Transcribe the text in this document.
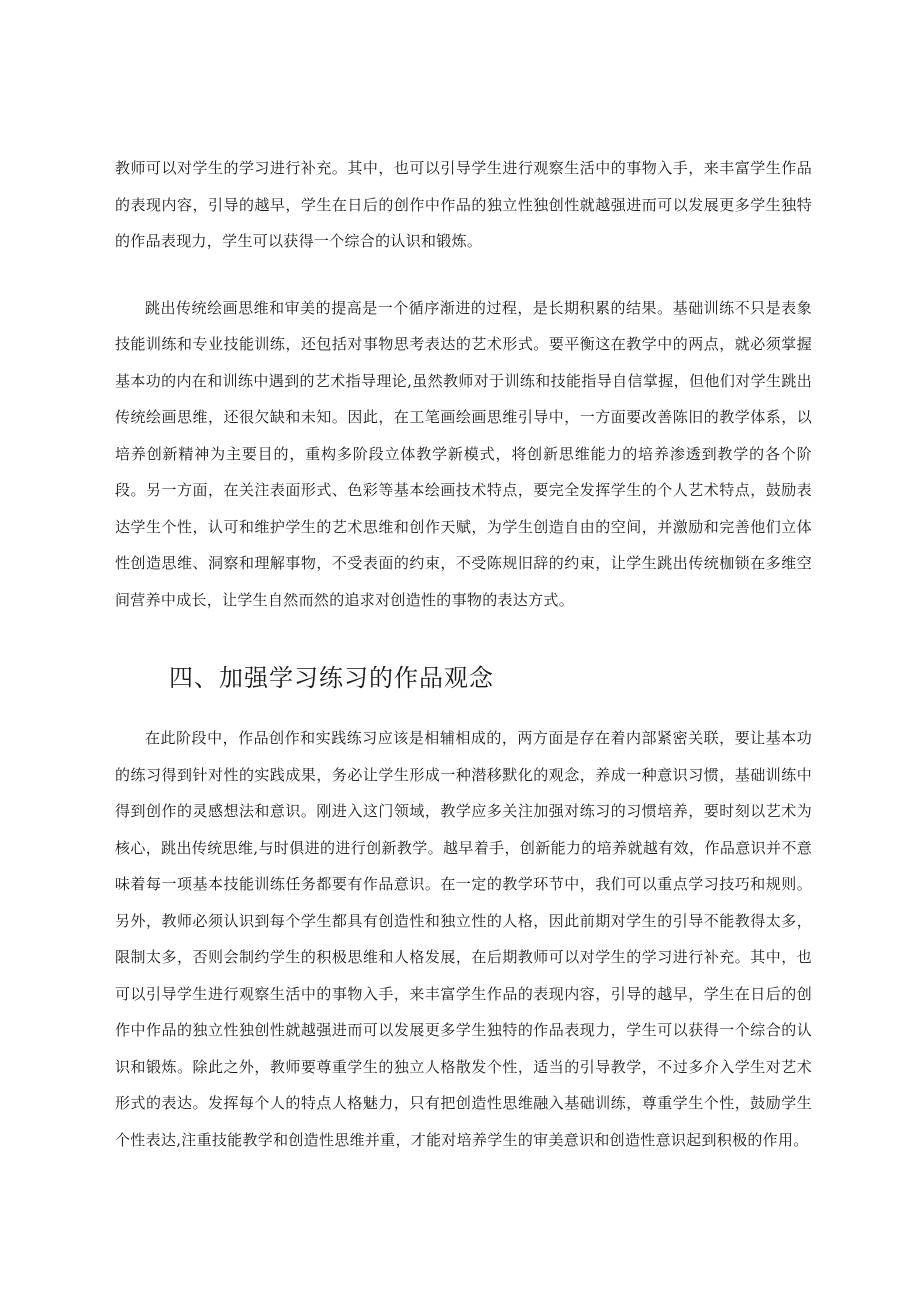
教师可以对学生的学习进行补充。其中，也可以引导学生进行观察生活中的事物入手，来丰富学生作品的表现内容，引导的越早，学生在日后的创作中作品的独立性独创性就越强进而可以发展更多学生独特的作品表现力，学生可以获得一个综合的认识和锻炼。

跳出传统绘画思维和审美的提高是一个循序渐进的过程，是长期积累的结果。基础训练不只是表象技能训练和专业技能训练，还包括对事物思考表达的艺术形式。要平衡这在教学中的两点，就必须掌握基本功的内在和训练中遇到的艺术指导理论,虽然教师对于训练和技能指导自信掌握，但他们对学生跳出传统绘画思维，还很欠缺和未知。因此，在工笔画绘画思维引导中，一方面要改善陈旧的教学体系，以培养创新精神为主要目的，重构多阶段立体教学新模式，将创新思维能力的培养渗透到教学的各个阶段。另一方面，在关注表面形式、色彩等基本绘画技术特点，要完全发挥学生的个人艺术特点，鼓励表达学生个性，认可和维护学生的艺术思维和创作天赋，为学生创造自由的空间，并激励和完善他们立体性创造思维、洞察和理解事物，不受表面的约束，不受陈规旧辞的约束，让学生跳出传统枷锁在多维空间营养中成长，让学生自然而然的追求对创造性的事物的表达方式。

四、加强学习练习的作品观念

在此阶段中，作品创作和实践练习应该是相辅相成的，两方面是存在着内部紧密关联，要让基本功的练习得到针对性的实践成果，务必让学生形成一种潜移默化的观念，养成一种意识习惯，基础训练中得到创作的灵感想法和意识。刚进入这门领域，教学应多关注加强对练习的习惯培养，要时刻以艺术为核心，跳出传统思维,与时俱进的进行创新教学。越早着手，创新能力的培养就越有效，作品意识并不意味着每一项基本技能训练任务都要有作品意识。在一定的教学环节中，我们可以重点学习技巧和规则。另外，教师必须认识到每个学生都具有创造性和独立性的人格，因此前期对学生的引导不能教得太多，限制太多，否则会制约学生的积极思维和人格发展，在后期教师可以对学生的学习进行补充。其中，也可以引导学生进行观察生活中的事物入手，来丰富学生作品的表现内容，引导的越早，学生在日后的创作中作品的独立性独创性就越强进而可以发展更多学生独特的作品表现力，学生可以获得一个综合的认识和锻炼。除此之外，教师要尊重学生的独立人格散发个性，适当的引导教学，不过多介入学生对艺术形式的表达。发挥每个人的特点人格魅力，只有把创造性思维融入基础训练，尊重学生个性，鼓励学生个性表达,注重技能教学和创造性思维并重，才能对培养学生的审美意识和创造性意识起到积极的作用。
